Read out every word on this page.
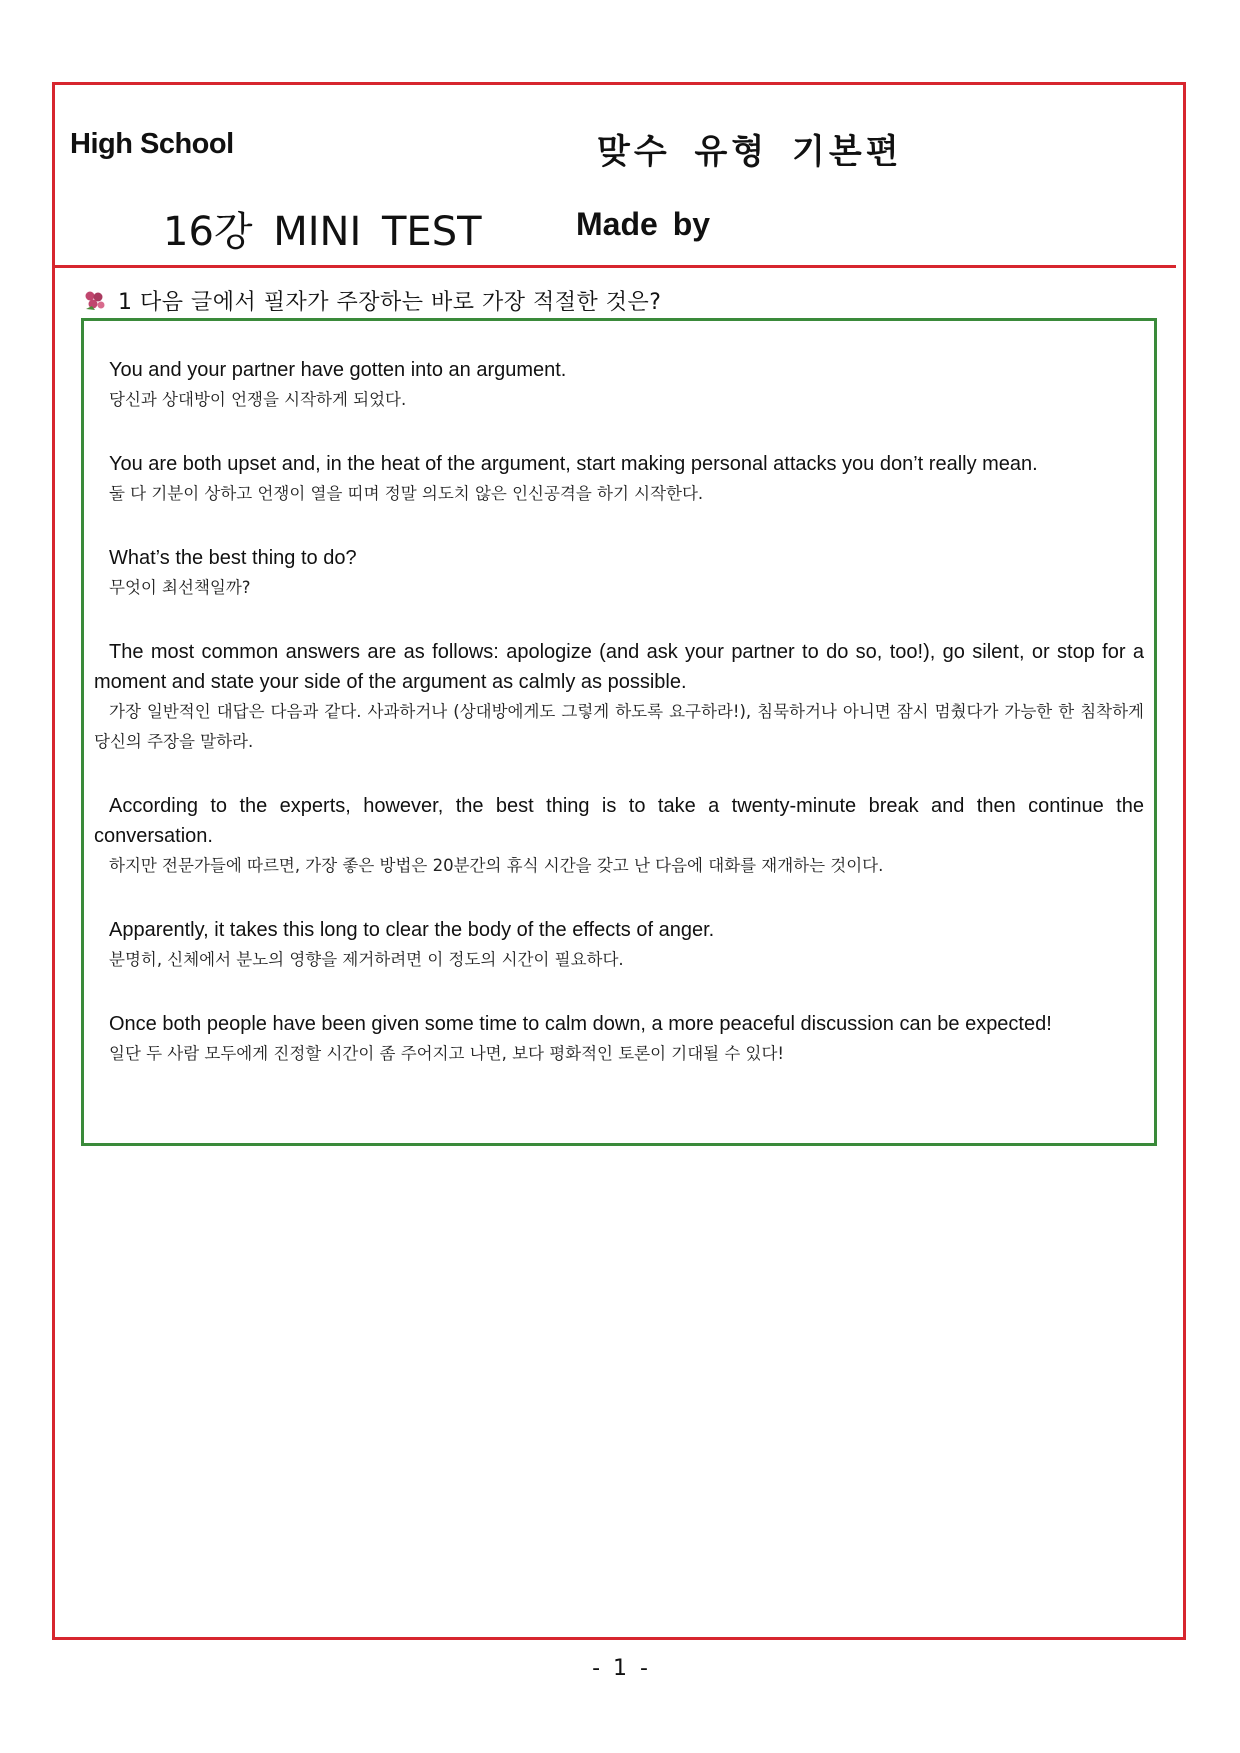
High School	맞수 유형 기본편
16강 MINI TEST	Made by
1 다음 글에서 필자가 주장하는 바로 가장 적절한 것은?
You and your partner have gotten into an argument.
당신과 상대방이 언쟁을 시작하게 되었다.
You are both upset and, in the heat of the argument, start making personal attacks you don’t really mean.
둘 다 기분이 상하고 언쟁이 열을 띠며 정말 의도치 않은 인신공격을 하기 시작한다.
What’s the best thing to do?
무엇이 최선책일까?
The most common answers are as follows: apologize (and ask your partner to do so, too!), go silent, or stop for a moment and state your side of the argument as calmly as possible.
가장 일반적인 대답은 다음과 같다. 사과하거나 (상대방에게도 그렇게 하도록 요구하라!), 침묵하거나 아니면 잠시 멈췄다가 가능한 한 침착하게 당신의 주장을 말하라.
According to the experts, however, the best thing is to take a twenty-minute break and then continue the conversation.
하지만 전문가들에 따르면, 가장 좋은 방법은 20분간의 휴식 시간을 갖고 난 다음에 대화를 재개하는 것이다.
Apparently, it takes this long to clear the body of the effects of anger.
분명히, 신체에서 분노의 영향을 제거하려면 이 정도의 시간이 필요하다.
Once both people have been given some time to calm down, a more peaceful discussion can be expected!
일단 두 사람 모두에게 진정할 시간이 좀 주어지고 나면, 보다 평화적인 토론이 기대될 수 있다!
- 1 -
